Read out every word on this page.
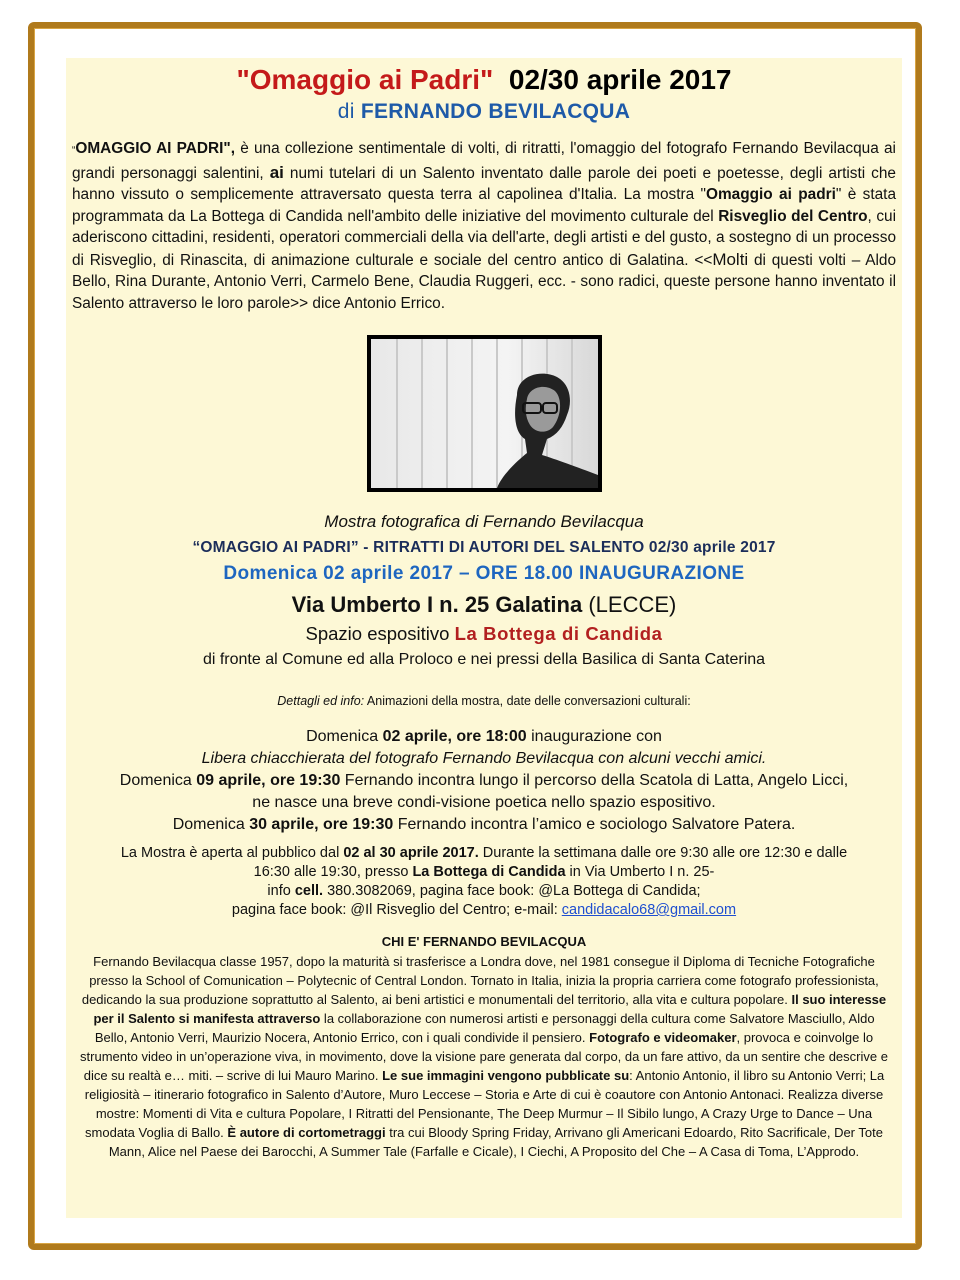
"Omaggio ai Padri" 02/30 aprile 2017
di FERNANDO BEVILACQUA
“OMAGGIO AI PADRI", è una collezione sentimentale di volti, di ritratti, l'omaggio del fotografo Fernando Bevilacqua ai grandi personaggi salentini, ai numi tutelari di un Salento inventato dalle parole dei poeti e poetesse, degli artisti che hanno vissuto o semplicemente attraversato questa terra al capolinea d'Italia. La mostra "Omaggio ai padri" è stata programmata da La Bottega di Candida nell'ambito delle iniziative del movimento culturale del Risveglio del Centro, cui aderiscono cittadini, residenti, operatori commerciali della via dell'arte, degli artisti e del gusto, a sostegno di un processo di Risveglio, di Rinascita, di animazione culturale e sociale del centro antico di Galatina. <<Molti di questi volti – Aldo Bello, Rina Durante, Antonio Verri, Carmelo Bene, Claudia Ruggeri, ecc. - sono radici, queste persone hanno inventato il Salento attraverso le loro parole>> dice Antonio Errico.
Mostra fotografica di Fernando Bevilacqua
“OMAGGIO AI PADRI” - RITRATTI DI AUTORI DEL SALENTO 02/30 aprile 2017
Domenica 02 aprile 2017 – ORE 18.00 INAUGURAZIONE
Via Umberto I n. 25 Galatina (LECCE)
Spazio espositivo La Bottega di Candida
di fronte al Comune ed alla Proloco e nei pressi della Basilica di Santa Caterina
Dettagli ed info: Animazioni della mostra, date delle conversazioni culturali:
Domenica 02 aprile, ore 18:00 inaugurazione con
Libera chiacchierata del fotografo Fernando Bevilacqua con alcuni vecchi amici.
Domenica 09 aprile, ore 19:30 Fernando incontra lungo il percorso della Scatola di Latta, Angelo Licci,
ne nasce una breve condi-visione poetica nello spazio espositivo.
Domenica 30 aprile, ore 19:30 Fernando incontra l’amico e sociologo Salvatore Patera.
La Mostra è aperta al pubblico dal 02 al 30 aprile 2017. Durante la settimana dalle ore 9:30 alle ore 12:30 e dalle
16:30 alle 19:30, presso La Bottega di Candida in Via Umberto I n. 25-
info cell. 380.3082069, pagina face book: @La Bottega di Candida;
pagina face book: @Il Risveglio del Centro; e-mail: candidacalo68@gmail.com
CHI E' FERNANDO BEVILACQUA
Fernando Bevilacqua classe 1957, dopo la maturità si trasferisce a Londra dove, nel 1981 consegue il Diploma di Tecniche Fotografiche presso la School of Comunication – Polytecnic of Central London. Tornato in Italia, inizia la propria carriera come fotografo professionista, dedicando la sua produzione soprattutto al Salento, ai beni artistici e monumentali del territorio, alla vita e cultura popolare. Il suo interesse per il Salento si manifesta attraverso la collaborazione con numerosi artisti e personaggi della cultura come Salvatore Masciullo, Aldo Bello, Antonio Verri, Maurizio Nocera, Antonio Errico, con i quali condivide il pensiero. Fotografo e videomaker, provoca e coinvolge lo strumento video in un’operazione viva, in movimento, dove la visione pare generata dal corpo, da un fare attivo, da un sentire che descrive e dice su realtà e… miti. – scrive di lui Mauro Marino. Le sue immagini vengono pubblicate su: Antonio Antonio, il libro su Antonio Verri; La religiosità – itinerario fotografico in Salento d’Autore, Muro Leccese – Storia e Arte di cui è coautore con Antonio Antonaci. Realizza diverse mostre: Momenti di Vita e cultura Popolare, I Ritratti del Pensionante, The Deep Murmur – Il Sibilo lungo, A Crazy Urge to Dance – Una smodata Voglia di Ballo. È autore di cortometraggi tra cui Bloody Spring Friday, Arrivano gli Americani Edoardo, Rito Sacrificale, Der Tote Mann, Alice nel Paese dei Barocchi, A Summer Tale (Farfalle e Cicale), I Ciechi, A Proposito del Che – A Casa di Toma, L’Approdo.
